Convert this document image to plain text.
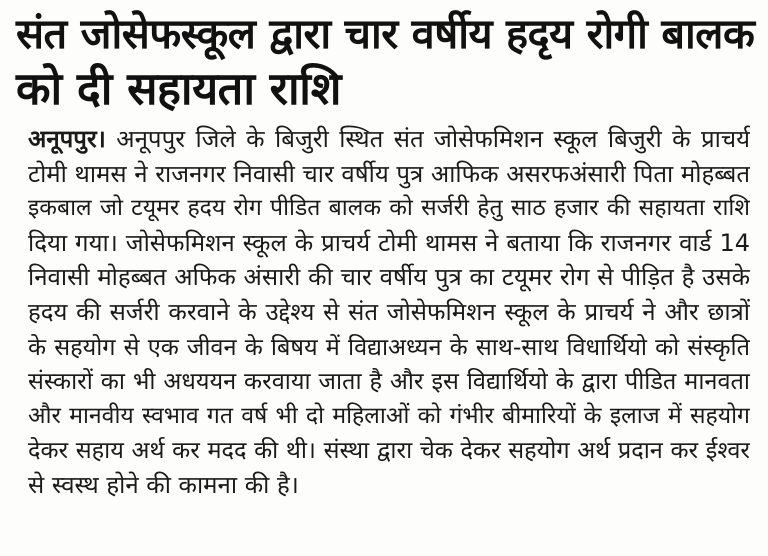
संत जोसेफस्कूल द्वारा चार वर्षीय हदृय रोगी बालक
को दी सहायता राशि
अनूपपुर। अनूपपुर जिले के बिजुरी स्थित संत जोसेफमिशन स्कूल बिजुरी के प्राचर्य
टोमी थामस ने राजनगर निवासी चार वर्षीय पुत्र आफिक असरफअंसारी पिता मोहब्बत
इकबाल जो टयूमर हदय रोग पीडित बालक को सर्जरी हेतु साठ हजार की सहायता राशि
दिया गया। जोसेफमिशन स्कूल के प्राचर्य टोमी थामस ने बताया कि राजनगर वार्ड 14
निवासी मोहब्बत अफिक अंसारी की चार वर्षीय पुत्र का टयूमर रोग से पीड़ित है उसके
हदय की सर्जरी करवाने के उद्देश्य से संत जोसेफमिशन स्कूल के प्राचर्य ने और छात्रों
के सहयोग से एक जीवन के बिषय में विद्याअध्यन के साथ-साथ विधार्थियो को संस्कृति
संस्कारों का भी अधययन करवाया जाता है और इस विद्यार्थियो के द्वारा पीडित मानवता
और मानवीय स्वभाव गत वर्ष भी दो महिलाओं को गंभीर बीमारियों के इलाज में सहयोग
देकर सहाय अर्थ कर मदद की थी। संस्था द्वारा चेक देकर सहयोग अर्थ प्रदान कर ईश्वर
से स्वस्थ होने की कामना की है।
